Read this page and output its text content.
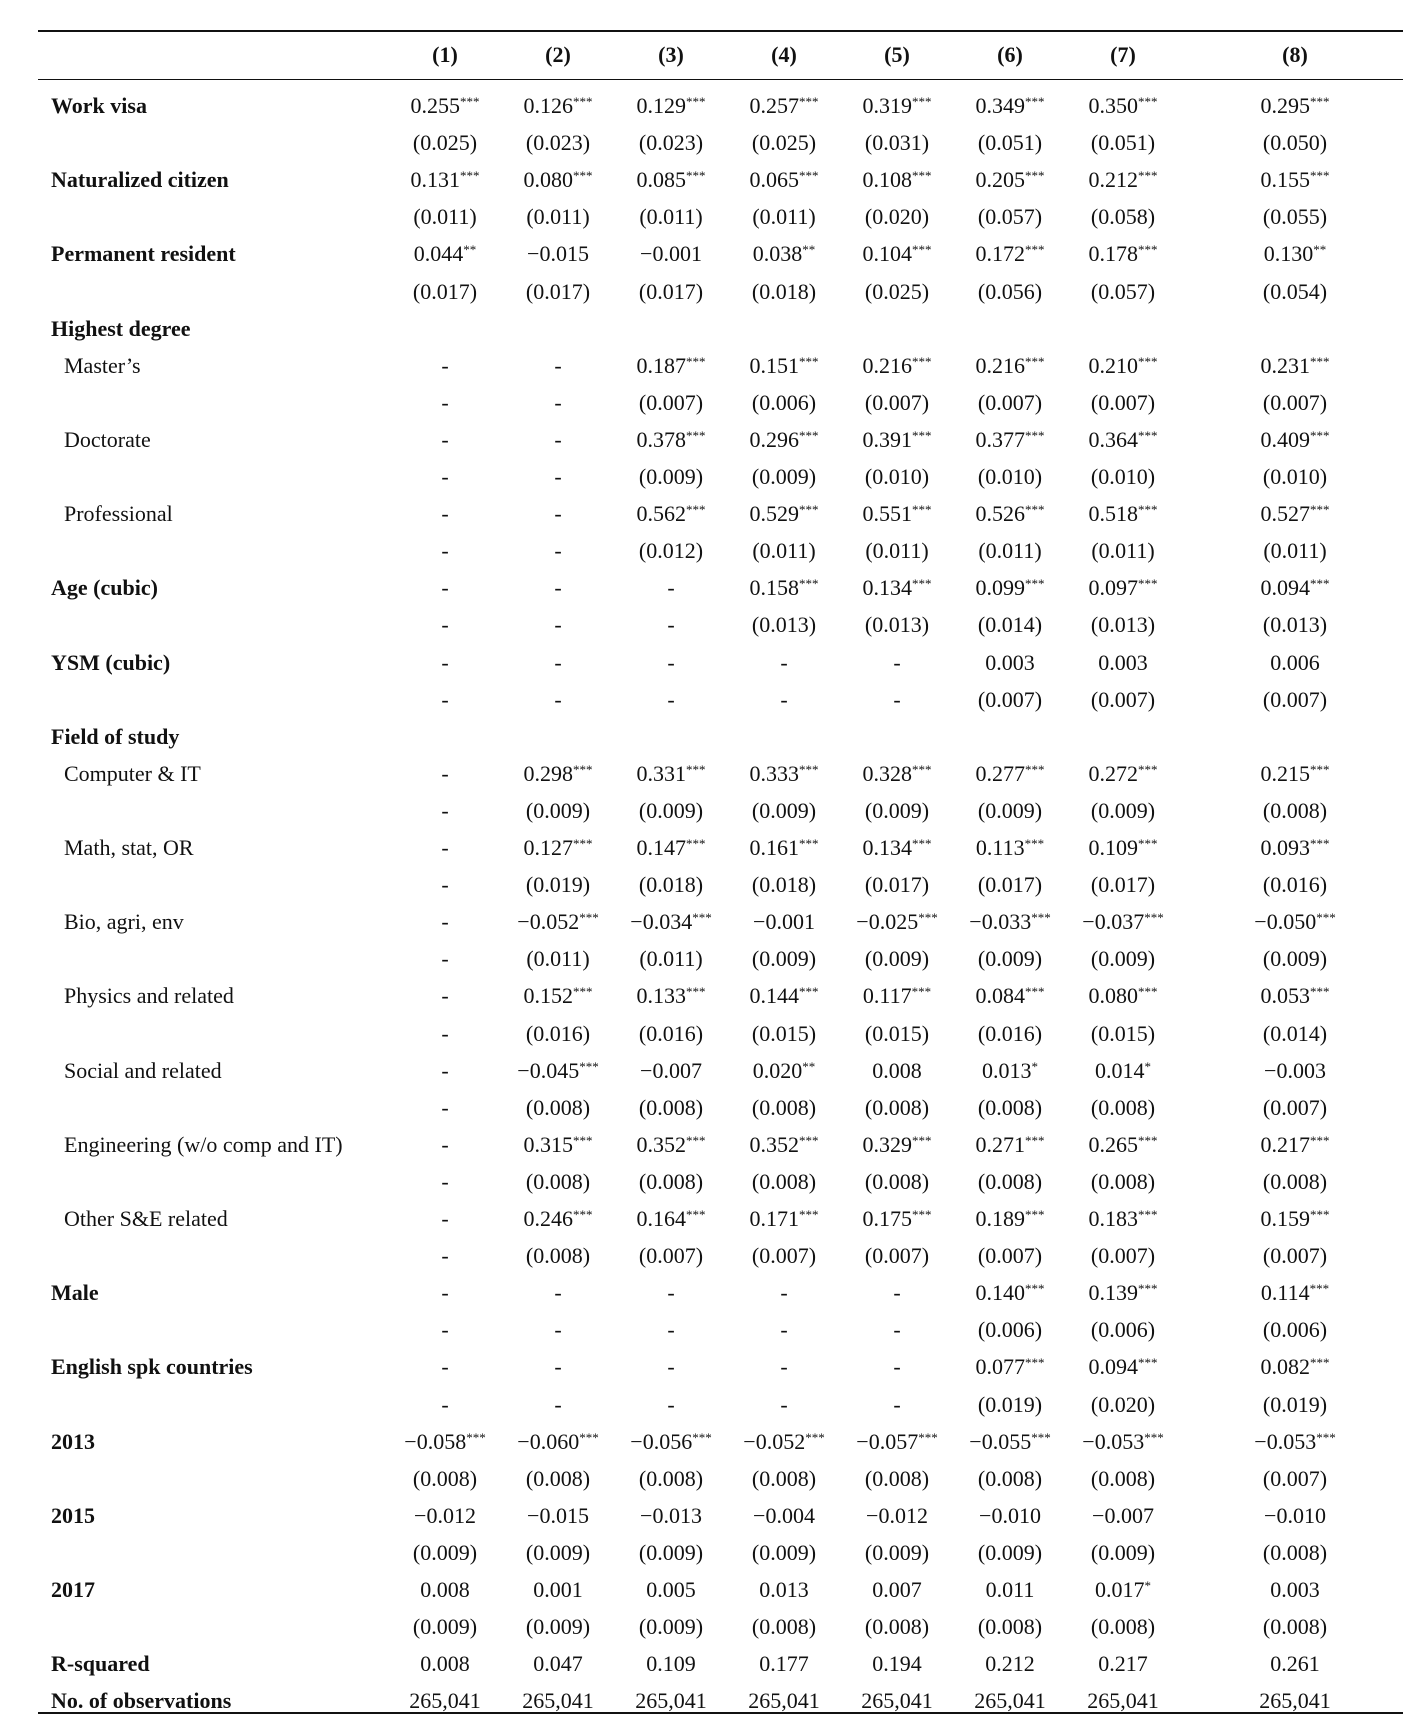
(1)	(2)	(3)	(4)	(5)	(6)	(7)	(8)
Work visa	0.255***	0.126***	0.129***	0.257***	0.319***	0.349***	0.350***	0.295***
(0.025)	(0.023)	(0.023)	(0.025)	(0.031)	(0.051)	(0.051)	(0.050)
Naturalized citizen	0.131***	0.080***	0.085***	0.065***	0.108***	0.205***	0.212***	0.155***
(0.011)	(0.011)	(0.011)	(0.011)	(0.020)	(0.057)	(0.058)	(0.055)
Permanent resident	0.044**	−0.015	−0.001	0.038**	0.104***	0.172***	0.178***	0.130**
(0.017)	(0.017)	(0.017)	(0.018)	(0.025)	(0.056)	(0.057)	(0.054)
Highest degree
Master’s	-	-	0.187***	0.151***	0.216***	0.216***	0.210***	0.231***
-	-	(0.007)	(0.006)	(0.007)	(0.007)	(0.007)	(0.007)
Doctorate	-	-	0.378***	0.296***	0.391***	0.377***	0.364***	0.409***
-	-	(0.009)	(0.009)	(0.010)	(0.010)	(0.010)	(0.010)
Professional	-	-	0.562***	0.529***	0.551***	0.526***	0.518***	0.527***
-	-	(0.012)	(0.011)	(0.011)	(0.011)	(0.011)	(0.011)
Age (cubic)	-	-	-	0.158***	0.134***	0.099***	0.097***	0.094***
-	-	-	(0.013)	(0.013)	(0.014)	(0.013)	(0.013)
YSM (cubic)	-	-	-	-	-	0.003	0.003	0.006
-	-	-	-	-	(0.007)	(0.007)	(0.007)
Field of study
Computer & IT	-	0.298***	0.331***	0.333***	0.328***	0.277***	0.272***	0.215***
-	(0.009)	(0.009)	(0.009)	(0.009)	(0.009)	(0.009)	(0.008)
Math, stat, OR	-	0.127***	0.147***	0.161***	0.134***	0.113***	0.109***	0.093***
-	(0.019)	(0.018)	(0.018)	(0.017)	(0.017)	(0.017)	(0.016)
Bio, agri, env	-	−0.052***	−0.034***	−0.001	−0.025***	−0.033***	−0.037***	−0.050***
-	(0.011)	(0.011)	(0.009)	(0.009)	(0.009)	(0.009)	(0.009)
Physics and related	-	0.152***	0.133***	0.144***	0.117***	0.084***	0.080***	0.053***
-	(0.016)	(0.016)	(0.015)	(0.015)	(0.016)	(0.015)	(0.014)
Social and related	-	−0.045***	−0.007	0.020**	0.008	0.013*	0.014*	−0.003
-	(0.008)	(0.008)	(0.008)	(0.008)	(0.008)	(0.008)	(0.007)
Engineering (w/o comp and IT)	-	0.315***	0.352***	0.352***	0.329***	0.271***	0.265***	0.217***
-	(0.008)	(0.008)	(0.008)	(0.008)	(0.008)	(0.008)	(0.008)
Other S&E related	-	0.246***	0.164***	0.171***	0.175***	0.189***	0.183***	0.159***
-	(0.008)	(0.007)	(0.007)	(0.007)	(0.007)	(0.007)	(0.007)
Male	-	-	-	-	-	0.140***	0.139***	0.114***
-	-	-	-	-	(0.006)	(0.006)	(0.006)
English spk countries	-	-	-	-	-	0.077***	0.094***	0.082***
-	-	-	-	-	(0.019)	(0.020)	(0.019)
2013	−0.058***	−0.060***	−0.056***	−0.052***	−0.057***	−0.055***	−0.053***	−0.053***
(0.008)	(0.008)	(0.008)	(0.008)	(0.008)	(0.008)	(0.008)	(0.007)
2015	−0.012	−0.015	−0.013	−0.004	−0.012	−0.010	−0.007	−0.010
(0.009)	(0.009)	(0.009)	(0.009)	(0.009)	(0.009)	(0.009)	(0.008)
2017	0.008	0.001	0.005	0.013	0.007	0.011	0.017*	0.003
(0.009)	(0.009)	(0.009)	(0.008)	(0.008)	(0.008)	(0.008)	(0.008)
R-squared	0.008	0.047	0.109	0.177	0.194	0.212	0.217	0.261
No. of observations	265,041	265,041	265,041	265,041	265,041	265,041	265,041	265,041
